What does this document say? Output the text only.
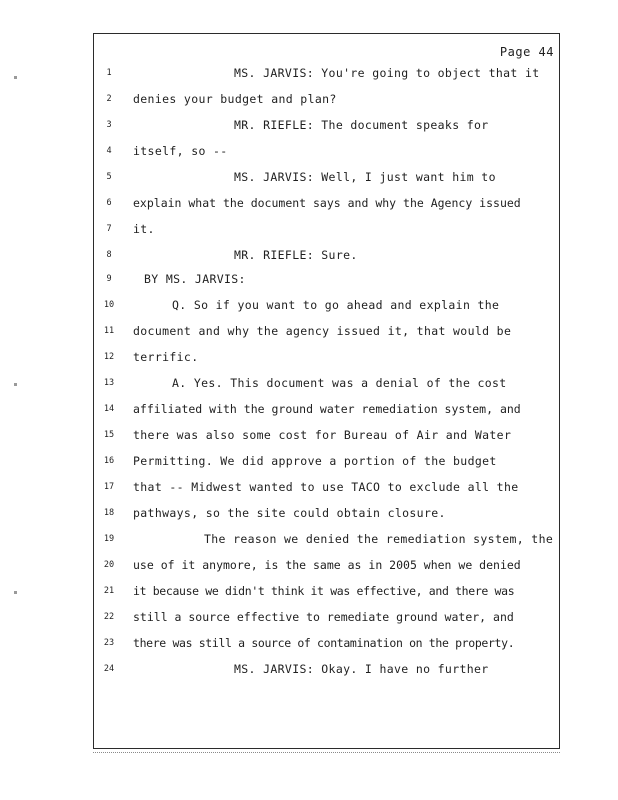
Page 44
1	MS. JARVIS: You're going to object that it
2	denies your budget and plan?
3	MR. RIEFLE: The document speaks for
4	itself, so --
5	MS. JARVIS: Well, I just want him to
6	explain what the document says and why the Agency issued
7	it.
8	MR. RIEFLE: Sure.
9	BY MS. JARVIS:
10	Q. So if you want to go ahead and explain the
11	document and why the agency issued it, that would be
12	terrific.
13	A. Yes. This document was a denial of the cost
14	affiliated with the ground water remediation system, and
15	there was also some cost for Bureau of Air and Water
16	Permitting. We did approve a portion of the budget
17	that -- Midwest wanted to use TACO to exclude all the
18	pathways, so the site could obtain closure.
19	The reason we denied the remediation system, the
20	use of it anymore, is the same as in 2005 when we denied
21	it because we didn't think it was effective, and there was
22	still a source effective to remediate ground water, and
23	there was still a source of contamination on the property.
24	MS. JARVIS: Okay. I have no further
